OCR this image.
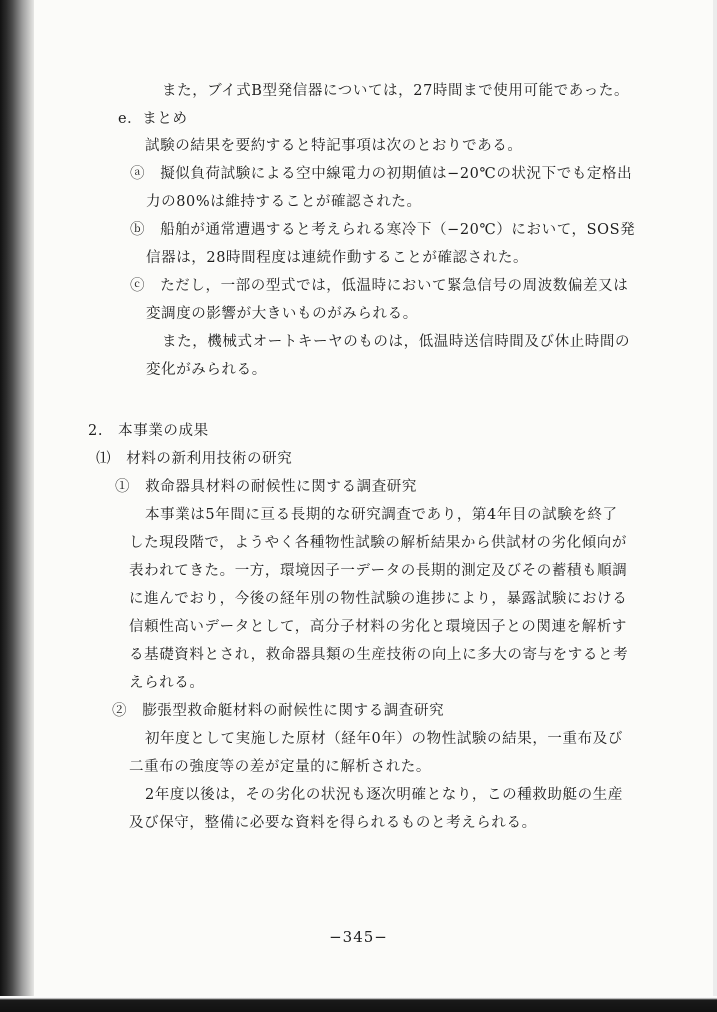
また，ブイ式B型発信器については，27時間まで使用可能であった。
e．まとめ
試験の結果を要約すると特記事項は次のとおりである。
ⓐ　擬似負荷試験による空中線電力の初期値は−20℃の状況下でも定格出
力の80%は維持することが確認された。
ⓑ　船舶が通常遭遇すると考えられる寒冷下（−20℃）において，SOS発
信器は，28時間程度は連続作動することが確認された。
ⓒ　ただし，一部の型式では，低温時において緊急信号の周波数偏差又は
変調度の影響が大きいものがみられる。
また，機械式オートキーヤのものは，低温時送信時間及び休止時間の
変化がみられる。
2.　本事業の成果
⑴　材料の新利用技術の研究
①　救命器具材料の耐候性に関する調査研究
本事業は5年間に亘る長期的な研究調査であり，第4年目の試験を終了
した現段階で，ようやく各種物性試験の解析結果から供試材の劣化傾向が
表われてきた。一方，環境因子一データの長期的測定及びその蓄積も順調
に進んでおり，今後の経年別の物性試験の進捗により，暴露試験における
信頼性高いデータとして，高分子材料の劣化と環境因子との関連を解析す
る基礎資料とされ，救命器具類の生産技術の向上に多大の寄与をすると考
えられる。
②　膨張型救命艇材料の耐候性に関する調査研究
初年度として実施した原材（経年0年）の物性試験の結果，一重布及び
二重布の強度等の差が定量的に解析された。
2年度以後は，その劣化の状況も逐次明確となり，この種救助艇の生産
及び保守，整備に必要な資料を得られるものと考えられる。
−345−
